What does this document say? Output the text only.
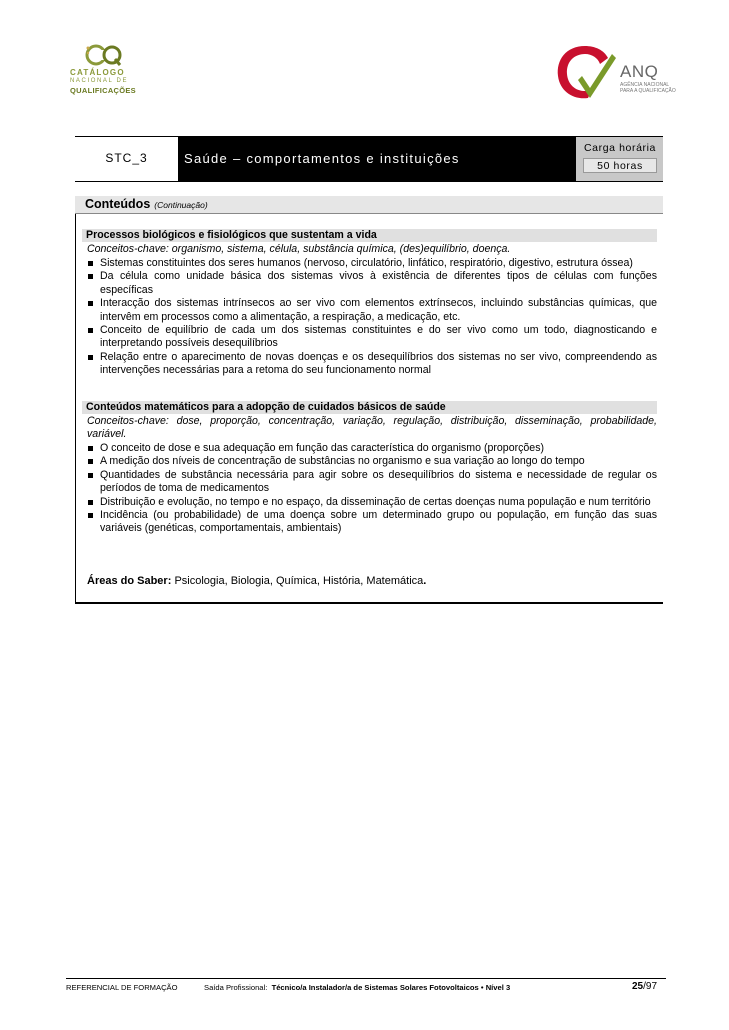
CATÁLOGO
NACIONAL DE
QUALIFICAÇÕES
ANQ
AGÊNCIA NACIONAL
PARA A QUALIFICAÇÃO
STC_3	Saúde – comportamentos e instituições
Carga horária
50 horas
Conteúdos (Continuação)
Processos biológicos e fisiológicos que sustentam a vida
Conceitos-chave: organismo, sistema, célula, substância química, (des)equilíbrio, doença.
Sistemas constituintes dos seres humanos (nervoso, circulatório, linfático, respiratório, digestivo, estrutura óssea)
Da célula como unidade básica dos sistemas vivos à existência de diferentes tipos de células com funções específicas
Interacção dos sistemas intrínsecos ao ser vivo com elementos extrínsecos, incluindo substâncias químicas, que intervêm em processos como a alimentação, a respiração, a medicação, etc.
Conceito de equilíbrio de cada um dos sistemas constituintes e do ser vivo como um todo, diagnosticando e interpretando possíveis desequilíbrios
Relação entre o aparecimento de novas doenças e os desequilíbrios dos sistemas no ser vivo, compreendendo as intervenções necessárias para a retoma do seu funcionamento normal
Conteúdos matemáticos para a adopção de cuidados básicos de saúde
Conceitos-chave: dose, proporção, concentração, variação, regulação, distribuição, disseminação, probabilidade, variável.
O conceito de dose e sua adequação em função das característica do organismo (proporções)
A medição dos níveis de concentração de substâncias no organismo e sua variação ao longo do tempo
Quantidades de substância necessária para agir sobre os desequilíbrios do sistema e necessidade de regular os períodos de toma de medicamentos
Distribuição e evolução, no tempo e no espaço, da disseminação de certas doenças numa população e num território
Incidência (ou probabilidade) de uma doença sobre um determinado grupo ou população, em função das suas variáveis (genéticas, comportamentais, ambientais)
Áreas do Saber: Psicologia, Biologia, Química, História, Matemática.
REFERENCIAL DE FORMAÇÃO	Saída Profissional: Técnico/a Instalador/a de Sistemas Solares Fotovoltaicos • Nível 3	25/97
